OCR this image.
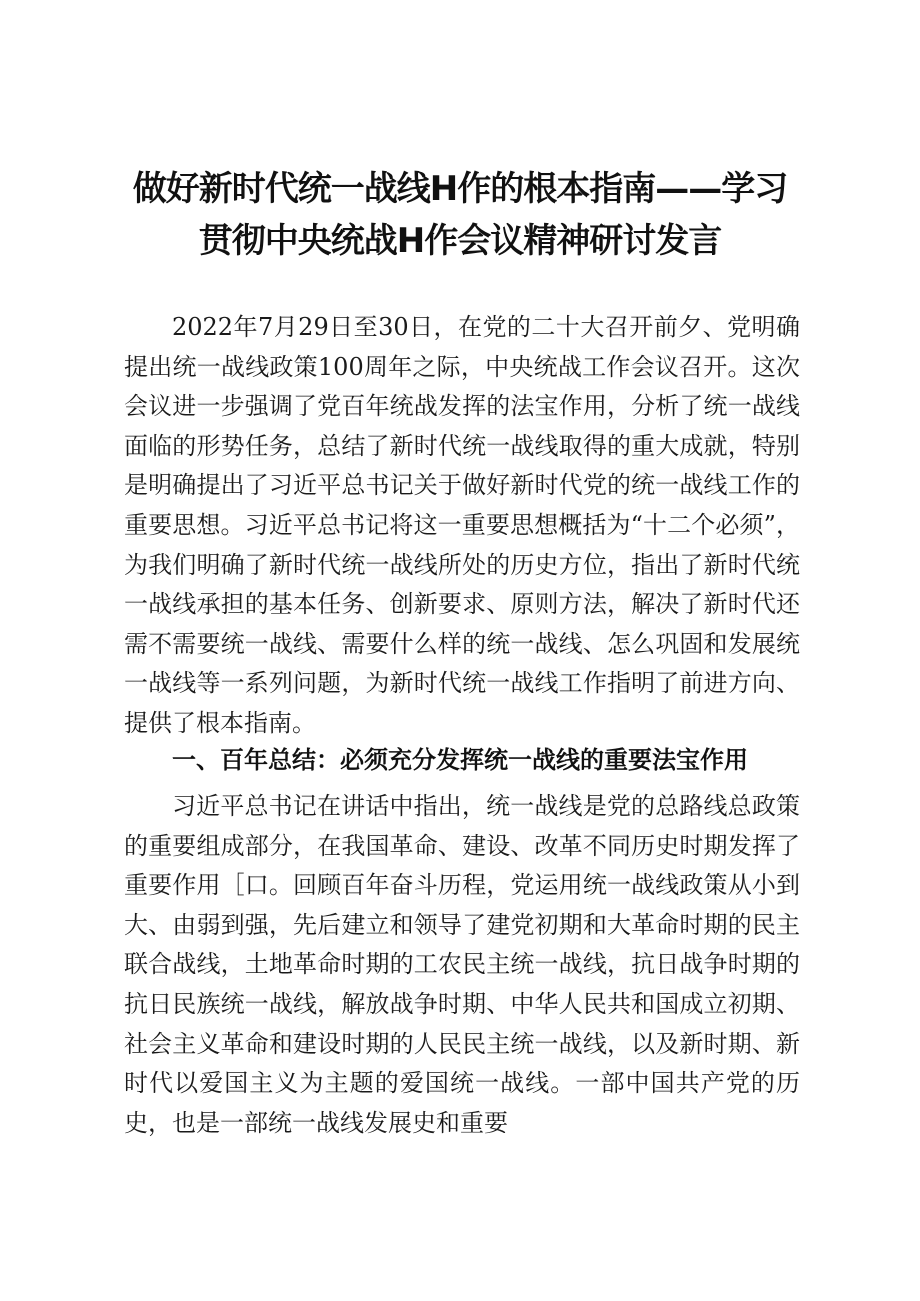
做好新时代统一战线H作的根本指南——学习
贯彻中央统战H作会议精神研讨发言

2022年7月29日至30日，在党的二十大召开前夕、党明确提出统一战线政策100周年之际，中央统战工作会议召开。这次会议进一步强调了党百年统战发挥的法宝作用，分析了统一战线面临的形势任务，总结了新时代统一战线取得的重大成就，特别是明确提出了习近平总书记关于做好新时代党的统一战线工作的重要思想。习近平总书记将这一重要思想概括为“十二个必须”，为我们明确了新时代统一战线所处的历史方位，指出了新时代统一战线承担的基本任务、创新要求、原则方法，解决了新时代还需不需要统一战线、需要什么样的统一战线、怎么巩固和发展统一战线等一系列问题，为新时代统一战线工作指明了前进方向、提供了根本指南。

一、百年总结：必须充分发挥统一战线的重要法宝作用

习近平总书记在讲话中指出，统一战线是党的总路线总政策的重要组成部分，在我国革命、建设、改革不同历史时期发挥了重要作用［口。回顾百年奋斗历程，党运用统一战线政策从小到大、由弱到强，先后建立和领导了建党初期和大革命时期的民主联合战线，土地革命时期的工农民主统一战线，抗日战争时期的抗日民族统一战线，解放战争时期、中华人民共和国成立初期、社会主义革命和建设时期的人民民主统一战线，以及新时期、新时代以爱国主义为主题的爱国统一战线。一部中国共产党的历史，也是一部统一战线发展史和重要
